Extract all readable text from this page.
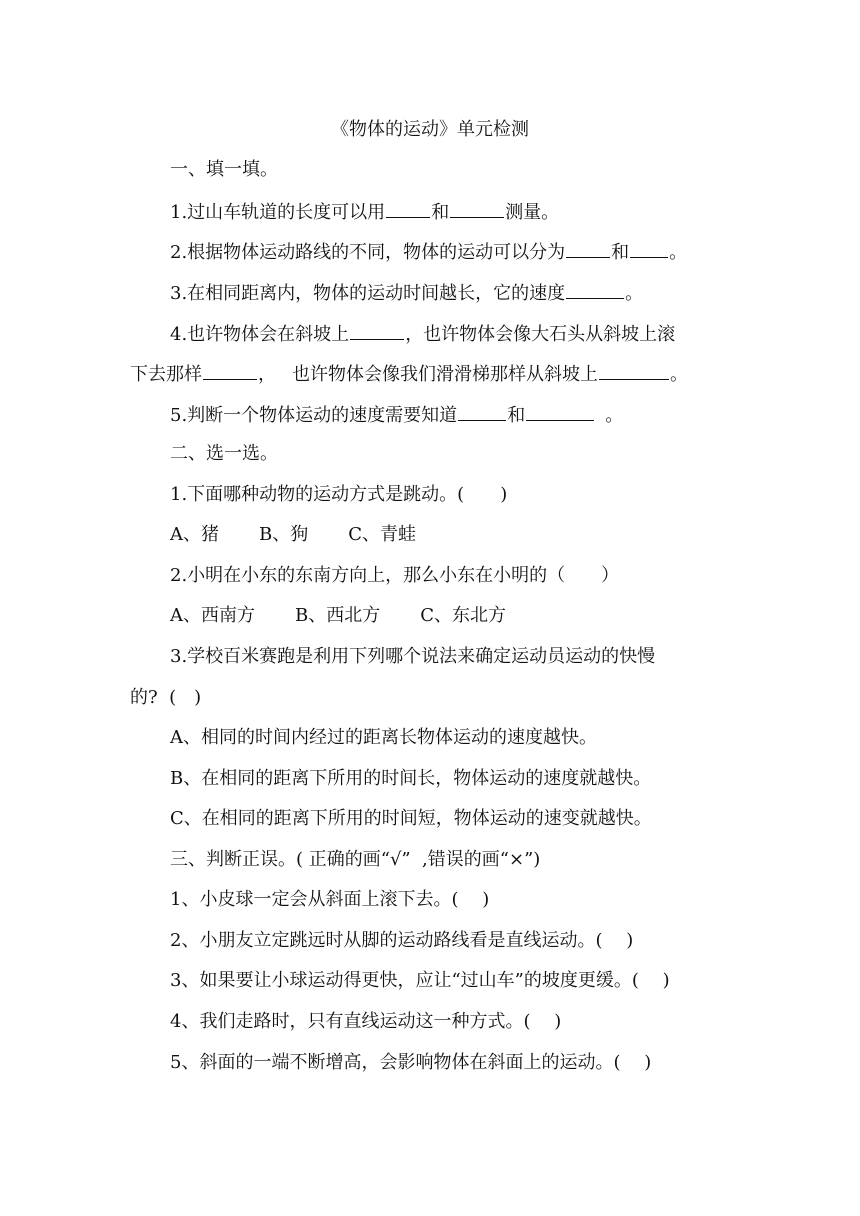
《物体的运动》单元检测
一、填一填。
1.过山车轨道的长度可以用	和	测量。
2.根据物体运动路线的不同，物体的运动可以分为	和 。
3.在相同距离内，物体的运动时间越长，它的速度	。
4.也许物体会在斜坡上	，也许物体会像大石头从斜坡上滚
下去那样	， 也许物体会像我们滑滑梯那样从斜坡上	。
5.判断一个物体运动的速度需要知道	和	。
二、选一选。
1.下面哪种动物的运动方式是跳动。(　　)
A、猪 B、狗 C、青蛙
2.小明在小东的东南方向上，那么小东在小明的（　　）
A、西南方 B、西北方 C、东北方
3.学校百米赛跑是利用下列哪个说法来确定运动员运动的快慢
的?  (　)
A、相同的时间内经过的距离长物体运动的速度越快。
B、在相同的距离下所用的时间长，物体运动的速度就越快。
C、在相同的距离下所用的时间短，物体运动的速变就越快。
三、判断正误。( 正确的画“√”  ,错误的画“×”)
1、小皮球一定会从斜面上滚下去。(　 )
2、小朋友立定跳远时从脚的运动路线看是直线运动。(　 )
3、如果要让小球运动得更快，应让“过山车”的坡度更缓。(　 )
4、我们走路时，只有直线运动这一种方式。(　 )
5、斜面的一端不断增高，会影响物体在斜面上的运动。(　 )
